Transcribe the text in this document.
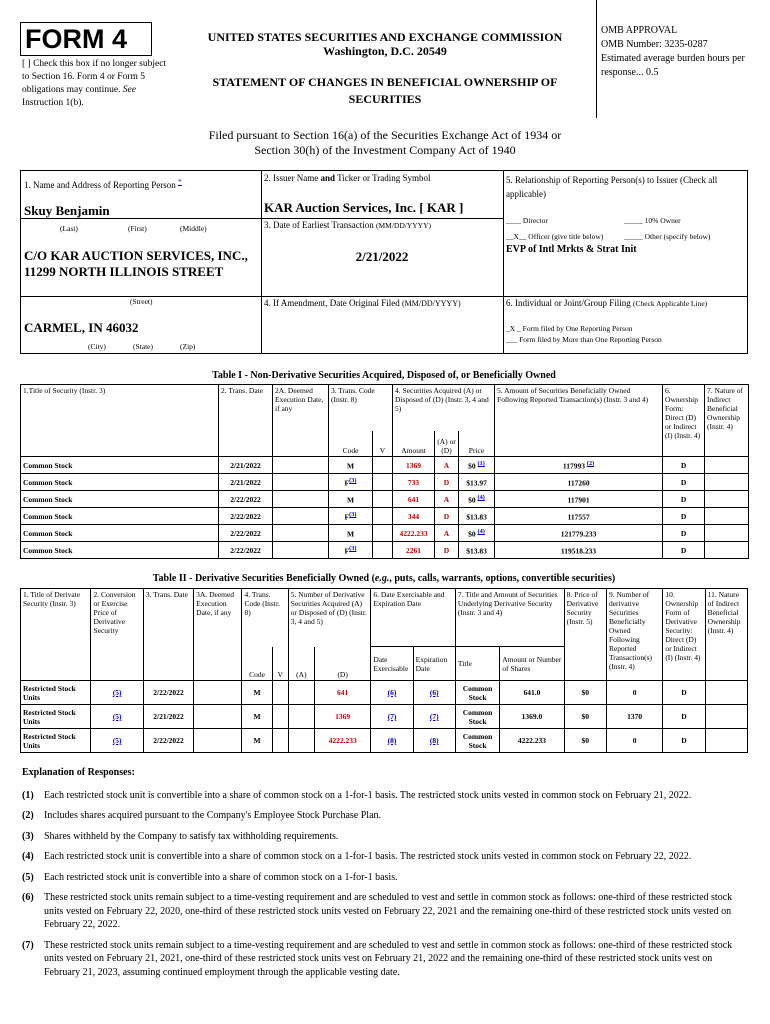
FORM 4
[ ] Check this box if no longer subject to Section 16. Form 4 or Form 5 obligations may continue. See Instruction 1(b).
UNITED STATES SECURITIES AND EXCHANGE COMMISSION
Washington, D.C. 20549
STATEMENT OF CHANGES IN BENEFICIAL OWNERSHIP OF SECURITIES
OMB APPROVAL
OMB Number: 3235-0287
Estimated average burden hours per response... 0.5
Filed pursuant to Section 16(a) of the Securities Exchange Act of 1934 or
Section 30(h) of the Investment Company Act of 1940
1. Name and Address of Reporting Person *
Skuy Benjamin
(Last)	(First)	(Middle)
C/O KAR AUCTION SERVICES, INC., 11299 NORTH ILLINOIS STREET
(Street)
CARMEL, IN 46032
(City)	(State)	(Zip)
2. Issuer Name and Ticker or Trading Symbol
KAR Auction Services, Inc. [ KAR ]
3. Date of Earliest Transaction (MM/DD/YYYY)
2/21/2022
4. If Amendment, Date Original Filed (MM/DD/YYYY)
5. Relationship of Reporting Person(s) to Issuer (Check all applicable)
____ Director	_____ 10% Owner
__X__ Officer (give title below)	_____ Other (specify below)
EVP of Intl Mrkts & Strat Init
6. Individual or Joint/Group Filing (Check Applicable Line)
_X _ Form filed by One Reporting Person
___ Form filed by More than One Reporting Person
Table I - Non-Derivative Securities Acquired, Disposed of, or Beneficially Owned
1.Title of Security (Instr. 3)	2. Trans. Date	2A. Deemed Execution Date, if any	3. Trans. Code (Instr. 8)		4. Securities Acquired (A) or Disposed of (D) (Instr. 3, 4 and 5)			5. Amount of Securities Beneficially Owned Following Reported Transaction(s) (Instr. 3 and 4)	6. Ownership Form: Direct (D) or Indirect (I) (Instr. 4)	7. Nature of Indirect Beneficial Ownership (Instr. 4)
			Code	V	Amount	(A) or (D)	Price			
Common Stock	2/21/2022		M		1369	A	$0 $^{(1)}$	117993 $^{(2)}$	D	
Common Stock	2/21/2022		$F^{(3)}$		733	D	$13.97	117260	D	
Common Stock	2/22/2022		M		641	A	$0 $^{(4)}$	117901	D	
Common Stock	2/22/2022		$F^{(3)}$		344	D	$13.83	117557	D	
Common Stock	2/22/2022		M		4222.233	A	$0 $^{(4)}$	121779.233	D	
Common Stock	2/22/2022		$F^{(3)}$		2261	D	$13.83	119518.233	D	
Table II - Derivative Securities Beneficially Owned (e.g., puts, calls, warrants, options, convertible securities)
1. Title of Derivate Security (Instr. 3)	2. Conversion or Exercise Price of Derivative Security	3. Trans. Date	3A. Deemed Execution Date, if any	4. Trans. Code (Instr. 8)		5. Number of Derivative Securities Acquired (A) or Disposed of (D) (Instr. 3, 4 and 5)		6. Date Exercisable and Expiration Date		7. Title and Amount of Securities Underlying Derivative Security (Instr. 3 and 4)		8. Price of Derivative Security (Instr. 5)	9. Number of derivative Securities Beneficially Owned Following Reported Transaction(s) (Instr. 4)	10. Ownership Form of Derivative Security: Direct (D) or Indirect (I) (Instr. 4)	11. Nature of Indirect Beneficial Ownership (Instr. 4)
				Code	V	(A)	(D)	Date Exercisable	Expiration Date	Title	Amount or Number of Shares				
Restricted Stock Units	(5)	2/22/2022		M			641	(6)	(6)	Common Stock	641.0	$0	0	D	
Restricted Stock Units	(5)	2/21/2022		M			1369	(7)	(7)	Common Stock	1369.0	$0	1370	D	
Restricted Stock Units	(5)	2/22/2022		M			4222.233	(8)	(8)	Common Stock	4222.233	$0	0	D	
Explanation of Responses:
(1)	Each restricted stock unit is convertible into a share of common stock on a 1-for-1 basis. The restricted stock units vested in common stock on February 21, 2022.
(2)	Includes shares acquired pursuant to the Company's Employee Stock Purchase Plan.
(3)	Shares withheld by the Company to satisfy tax withholding requirements.
(4)	Each restricted stock unit is convertible into a share of common stock on a 1-for-1 basis. The restricted stock units vested in common stock on February 22, 2022.
(5)	Each restricted stock unit is convertible into a share of common stock on a 1-for-1 basis.
(6)	These restricted stock units remain subject to a time-vesting requirement and are scheduled to vest and settle in common stock as follows: one-third of these restricted stock units vested on February 22, 2020, one-third of these restricted stock units vested on February 22, 2021 and the remaining one-third of these restricted stock units vested on February 22, 2022.
(7)	These restricted stock units remain subject to a time-vesting requirement and are scheduled to vest and settle in common stock as follows: one-third of these restricted stock units vested on February 21, 2021, one-third of these restricted stock units vest on February 21, 2022 and the remaining one-third of these restricted stock units vest on February 21, 2023, assuming continued employment through the applicable vesting date.
